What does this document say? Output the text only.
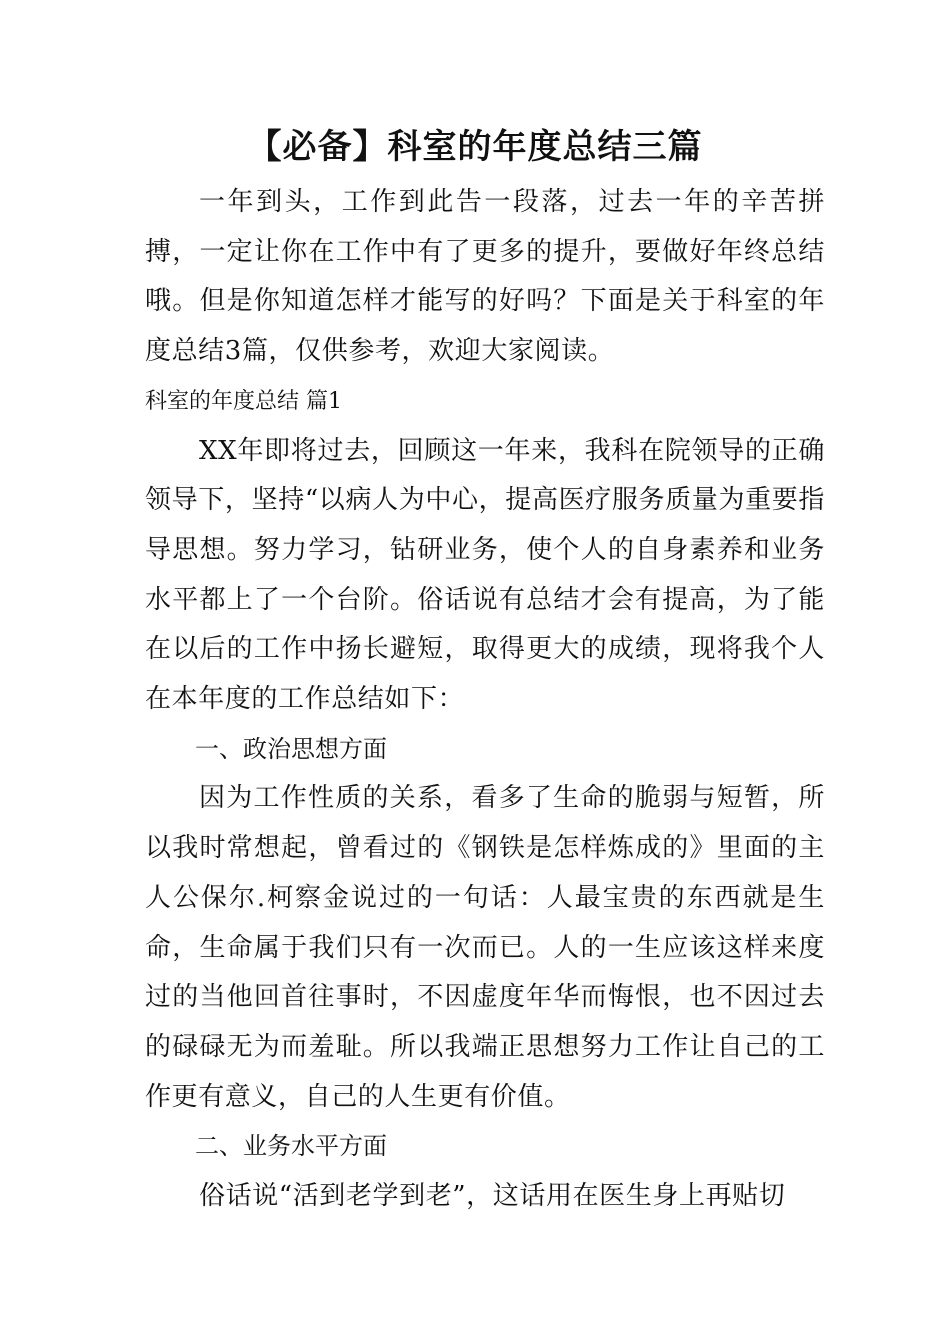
【必备】科室的年度总结三篇

一年到头，工作到此告一段落，过去一年的辛苦拼搏，一定让你在工作中有了更多的提升，要做好年终总结哦。但是你知道怎样才能写的好吗？下面是关于科室的年度总结3篇，仅供参考，欢迎大家阅读。

科室的年度总结 篇1

XX年即将过去，回顾这一年来，我科在院领导的正确领导下，坚持“以病人为中心，提高医疗服务质量为重要指导思想。努力学习，钻研业务，使个人的自身素养和业务水平都上了一个台阶。俗话说有总结才会有提高，为了能在以后的工作中扬长避短，取得更大的成绩，现将我个人在本年度的工作总结如下：

一、政治思想方面

因为工作性质的关系，看多了生命的脆弱与短暂，所以我时常想起，曾看过的《钢铁是怎样炼成的》里面的主人公保尔.柯察金说过的一句话：人最宝贵的东西就是生命，生命属于我们只有一次而已。人的一生应该这样来度过的当他回首往事时，不因虚度年华而悔恨，也不因过去的碌碌无为而羞耻。所以我端正思想努力工作让自己的工作更有意义，自己的人生更有价值。

二、业务水平方面

俗话说“活到老学到老”，这话用在医生身上再贴切
